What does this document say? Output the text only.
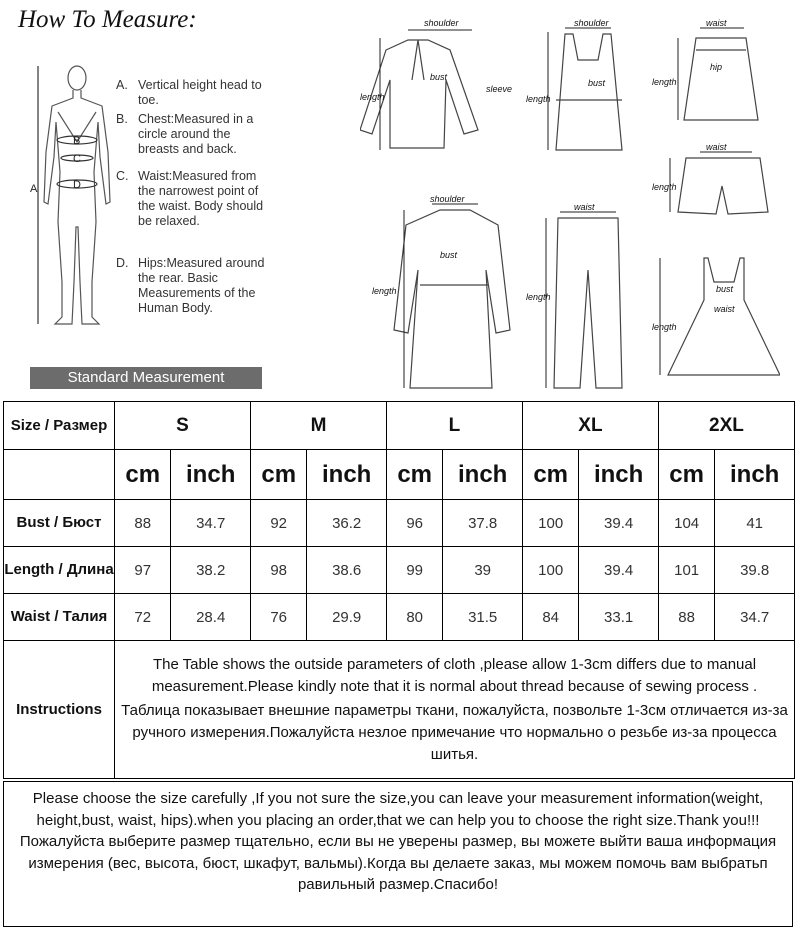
How To Measure:
A
B
C
D
A. Vertical height head to toe.
B. Chest:Measured in a circle around the breasts and back.
C. Waist:Measured from the narrowest point of the waist. Body should be relaxed.
D. Hips:Measured around the rear. Basic Measurements of the Human Body.
Standard Measurement
shoulder
bust
sleeve
length
shoulder
bust
length
waist
hip
length
waist
length
shoulder
bust
length
waist
length
bust
waist
length
Size / Размер	S		M		L		XL		2XL	
	cm	inch	cm	inch	cm	inch	cm	inch	cm	inch
Bust / Бюст	88	34.7	92	36.2	96	37.8	100	39.4	104	41
Length / Длина	97	38.2	98	38.6	99	39	100	39.4	101	39.8
Waist / Талия	72	28.4	76	29.9	80	31.5	84	33.1	88	34.7
Instructions	The Table shows the outside parameters of cloth ,please allow 1-3cm differs due to manual measurement.Please kindly note that it is normal about thread because of sewing process .
Таблица показывает внешние параметры ткани, пожалуйста, позвольте 1-3см отличается из-за ручного измерения.Пожалуйста незлое примечание что нормально о резьбе из-за процесса шитья.									
Please choose the size carefully ,If you not sure the size,you can leave your measurement information(weight, height,bust, waist, hips).when you placing an order,that we can help you to choose the right size.Thank you!!!
Пожалуйста выберите размер тщательно, если вы не уверены размер, вы можете выйти ваша информация измерения (вес, высота, бюст, шкафут, вальмы).Когда вы делаете заказ, мы можем помочь вам выбратьп равильный размер.Спасибо!
